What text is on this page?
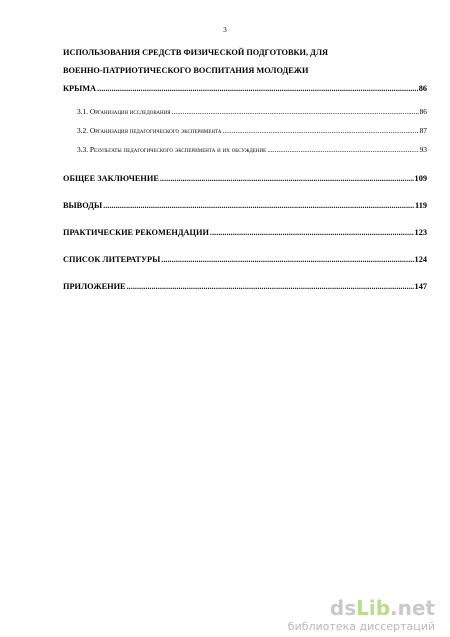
3
ИСПОЛЬЗОВАНИЯ СРЕДСТВ ФИЗИЧЕСКОЙ ПОДГОТОВКИ, ДЛЯ
ВОЕННО-ПАТРИОТИЧЕСКОГО ВОСПИТАНИЯ МОЛОДЕЖИ
КРЫМА .....	86
3.1. Организация исследования .....	86
3.2. Организация педагогического эксперимента .....	87
3.3. Результаты педагогического эксперимента и их обсуждение .....	93
ОБЩЕЕ ЗАКЛЮЧЕНИЕ .....	109
ВЫВОДЫ .....	119
ПРАКТИЧЕСКИЕ РЕКОМЕНДАЦИИ .....	123
СПИСОК ЛИТЕРАТУРЫ .....	124
ПРИЛОЖЕНИЕ .....	147
dsLib.net
библиотека диссертаций
